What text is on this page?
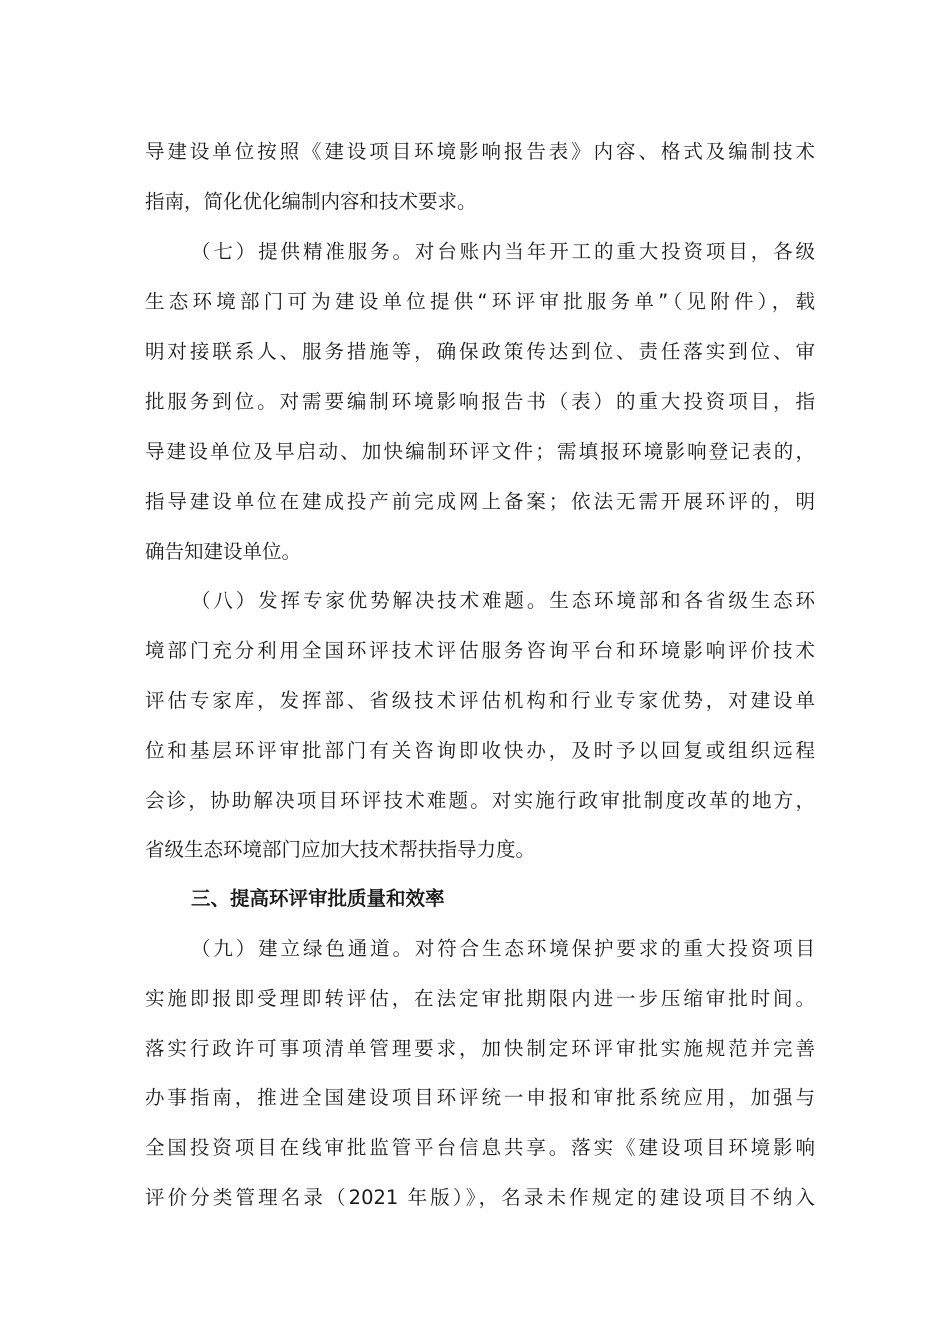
导建设单位按照《建设项目环境影响报告表》内容、格式及编制技术
指南，简化优化编制内容和技术要求。
（七）提供精准服务。对台账内当年开工的重大投资项目，各级
生态环境部门可为建设单位提供“环评审批服务单”（见附件），载
明对接联系人、服务措施等，确保政策传达到位、责任落实到位、审
批服务到位。对需要编制环境影响报告书（表）的重大投资项目，指
导建设单位及早启动、加快编制环评文件；需填报环境影响登记表的，
指导建设单位在建成投产前完成网上备案；依法无需开展环评的，明
确告知建设单位。
（八）发挥专家优势解决技术难题。生态环境部和各省级生态环
境部门充分利用全国环评技术评估服务咨询平台和环境影响评价技术
评估专家库，发挥部、省级技术评估机构和行业专家优势，对建设单
位和基层环评审批部门有关咨询即收快办，及时予以回复或组织远程
会诊，协助解决项目环评技术难题。对实施行政审批制度改革的地方，
省级生态环境部门应加大技术帮扶指导力度。
三、提高环评审批质量和效率
（九）建立绿色通道。对符合生态环境保护要求的重大投资项目
实施即报即受理即转评估，在法定审批期限内进一步压缩审批时间。
落实行政许可事项清单管理要求，加快制定环评审批实施规范并完善
办事指南，推进全国建设项目环评统一申报和审批系统应用，加强与
全国投资项目在线审批监管平台信息共享。落实《建设项目环境影响
评价分类管理名录（2021 年版）》，名录未作规定的建设项目不纳入
